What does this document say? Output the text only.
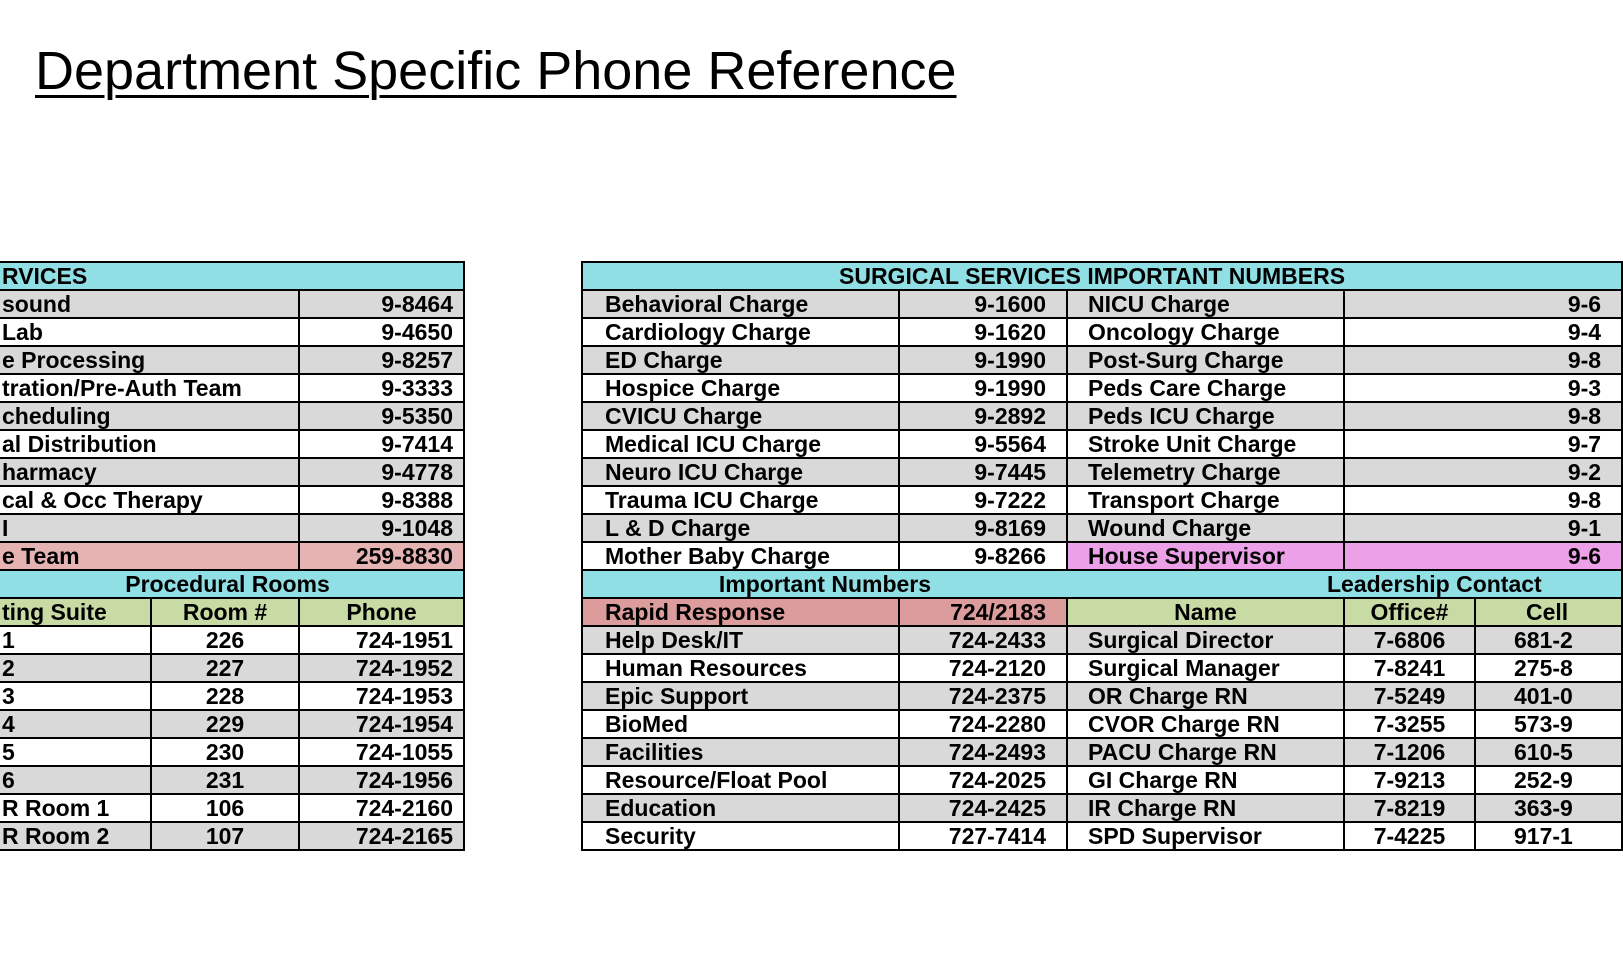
Department Specific Phone Reference
RVICES		
sound		9-8464
Lab		9-4650
e Processing		9-8257
tration/Pre-Auth Team		9-3333
cheduling		9-5350
al Distribution		9-7414
harmacy		9-4778
cal & Occ Therapy		9-8388
I		9-1048
e Team		259-8830
Procedural Rooms		
ting Suite	Room #	Phone
1	226	724-1951
2	227	724-1952
3	228	724-1953
4	229	724-1954
5	230	724-1055
6	231	724-1956
R Room 1	106	724-2160
R Room 2	107	724-2165
SURGICAL SERVICES IMPORTANT NUMBERS				
Behavioral Charge	9-1600	NICU Charge	9-6	
Cardiology Charge	9-1620	Oncology Charge	9-4	
ED Charge	9-1990	Post-Surg Charge	9-8	
Hospice Charge	9-1990	Peds Care Charge	9-3	
CVICU Charge	9-2892	Peds ICU Charge	9-8	
Medical ICU Charge	9-5564	Stroke Unit Charge	9-7	
Neuro ICU Charge	9-7445	Telemetry Charge	9-2	
Trauma ICU Charge	9-7222	Transport Charge	9-8	
L & D Charge	9-8169	Wound Charge	9-1	
Mother Baby Charge	9-8266	House Supervisor	9-6	
Important Numbers		Leadership Contact		
Rapid Response	724/2183	Name	Office#	Cell
Help Desk/IT	724-2433	Surgical Director	7-6806	681-2
Human Resources	724-2120	Surgical Manager	7-8241	275-8
Epic Support	724-2375	OR Charge RN	7-5249	401-0
BioMed	724-2280	CVOR Charge RN	7-3255	573-9
Facilities	724-2493	PACU Charge RN	7-1206	610-5
Resource/Float Pool	724-2025	GI Charge RN	7-9213	252-9
Education	724-2425	IR Charge RN	7-8219	363-9
Security	727-7414	SPD Supervisor	7-4225	917-1
